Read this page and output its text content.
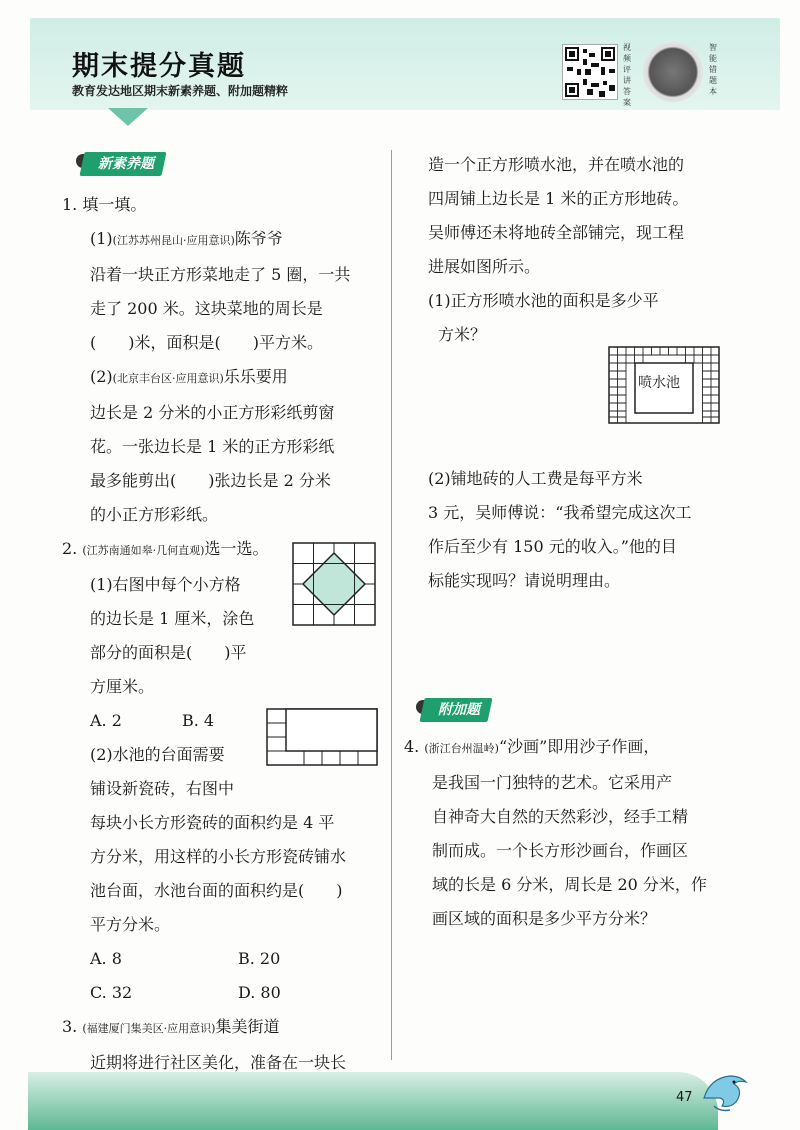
期末提分真题
教育发达地区期末新素养题、附加题精粹
视频评讲答案
智能错题本
新素养题
附加题

1. 填一填。

(1)(江苏苏州昆山·应用意识)陈爷爷
沿着一块正方形菜地走了 5 圈，一共
走了 200 米。这块菜地的周长是
(　　)米，面积是(　　)平方米。

(2)(北京丰台区·应用意识)乐乐要用
边长是 2 分米的小正方形彩纸剪窗
花。一张边长是 1 米的正方形彩纸
最多能剪出(　　)张边长是 2 分米
的小正方形彩纸。

2. (江苏南通如皋·几何直观)选一选。

(1)右图中每个小方格
的边长是 1 厘米，涂色
部分的面积是(　　)平
方厘米。

A. 2	B. 4

(2)水池的台面需要
铺设新瓷砖，右图中
每块小长方形瓷砖的面积约是 4 平
方分米，用这样的小长方形瓷砖铺水
池台面，水池台面的面积约是(　　)
平方分米。

A. 8	B. 20
C. 32	D. 80

3. (福建厦门集美区·应用意识)集美街道
近期将进行社区美化，准备在一块长

造一个正方形喷水池，并在喷水池的
四周铺上边长是 1 米的正方形地砖。
吴师傅还未将地砖全部铺完，现工程
进展如图所示。

(1)正方形喷水池的面积是多少平
方米？

喷水池

(2)铺地砖的人工费是每平方米
3 元，吴师傅说：“我希望完成这次工
作后至少有 150 元的收入。”他的目
标能实现吗？请说明理由。

4. (浙江台州温岭)“沙画”即用沙子作画，
是我国一门独特的艺术。它采用产
自神奇大自然的天然彩沙，经手工精
制而成。一个长方形沙画台，作画区
域的长是 6 分米，周长是 20 分米，作
画区域的面积是多少平方分米？

47
